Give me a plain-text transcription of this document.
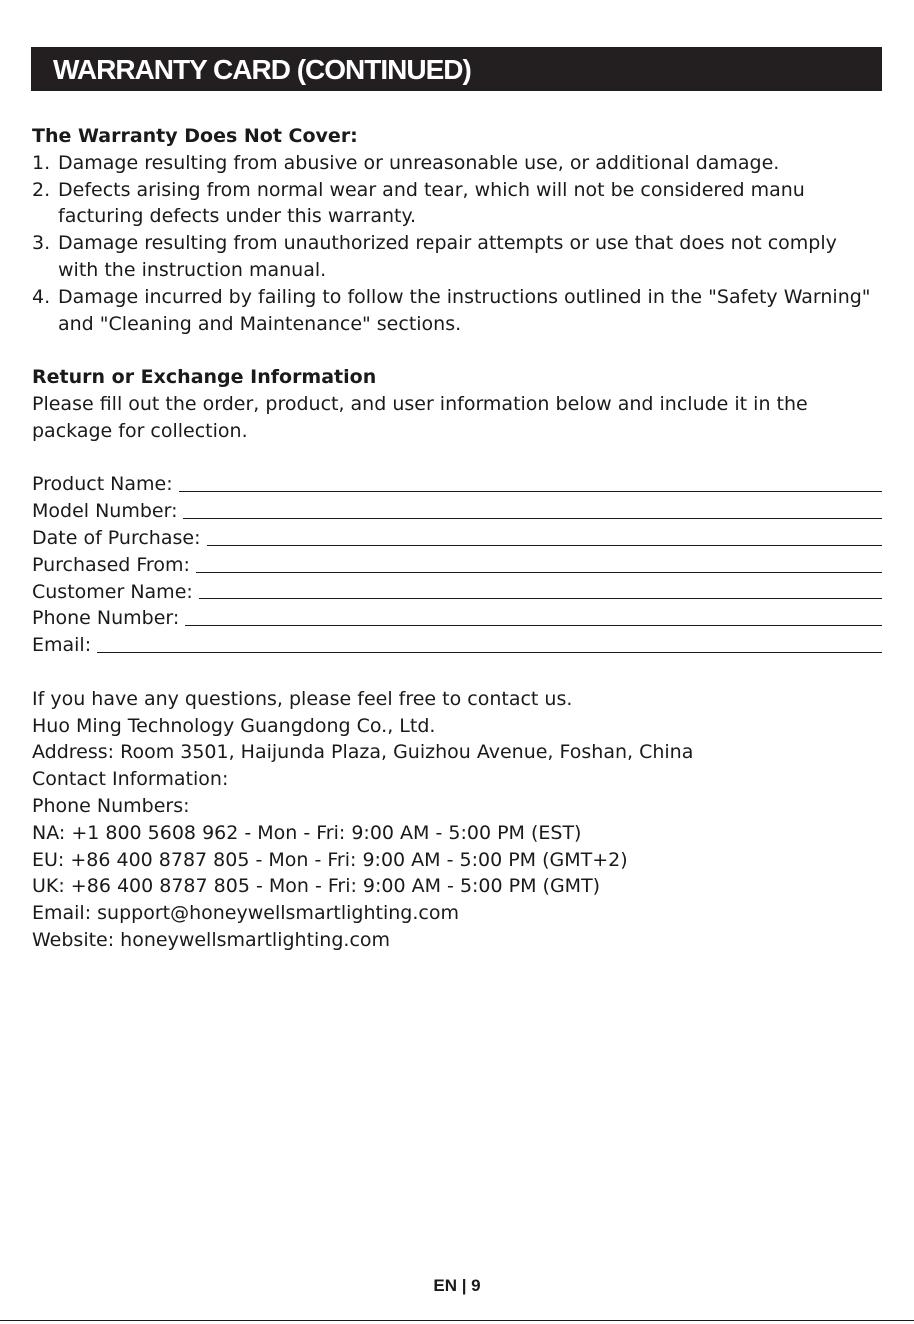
WARRANTY CARD (CONTINUED)
The Warranty Does Not Cover:
1. Damage resulting from abusive or unreasonable use, or additional damage.
2. Defects arising from normal wear and tear, which will not be considered manu facturing defects under this warranty.
3. Damage resulting from unauthorized repair attempts or use that does not comply with the instruction manual.
4. Damage incurred by failing to follow the instructions outlined in the "Safety Warning" and "Cleaning and Maintenance" sections.
Return or Exchange Information

Please fill out the order, product, and user information below and include it in the package for collection.

Product Name:
Model Number:
Date of Purchase:
Purchased From:
Customer Name:
Phone Number:
Email:

If you have any questions, please feel free to contact us.

Huo Ming Technology Guangdong Co., Ltd.

Address: Room 3501, Haijunda Plaza, Guizhou Avenue, Foshan, China

Contact Information:

Phone Numbers:

NA: +1 800 5608 962 - Mon - Fri: 9:00 AM - 5:00 PM (EST)

EU: +86 400 8787 805 - Mon - Fri: 9:00 AM - 5:00 PM (GMT+2)

UK: +86 400 8787 805 - Mon - Fri: 9:00 AM - 5:00 PM (GMT)

Email: support@honeywellsmartlighting.com

Website: honeywellsmartlighting.com

EN | 9
